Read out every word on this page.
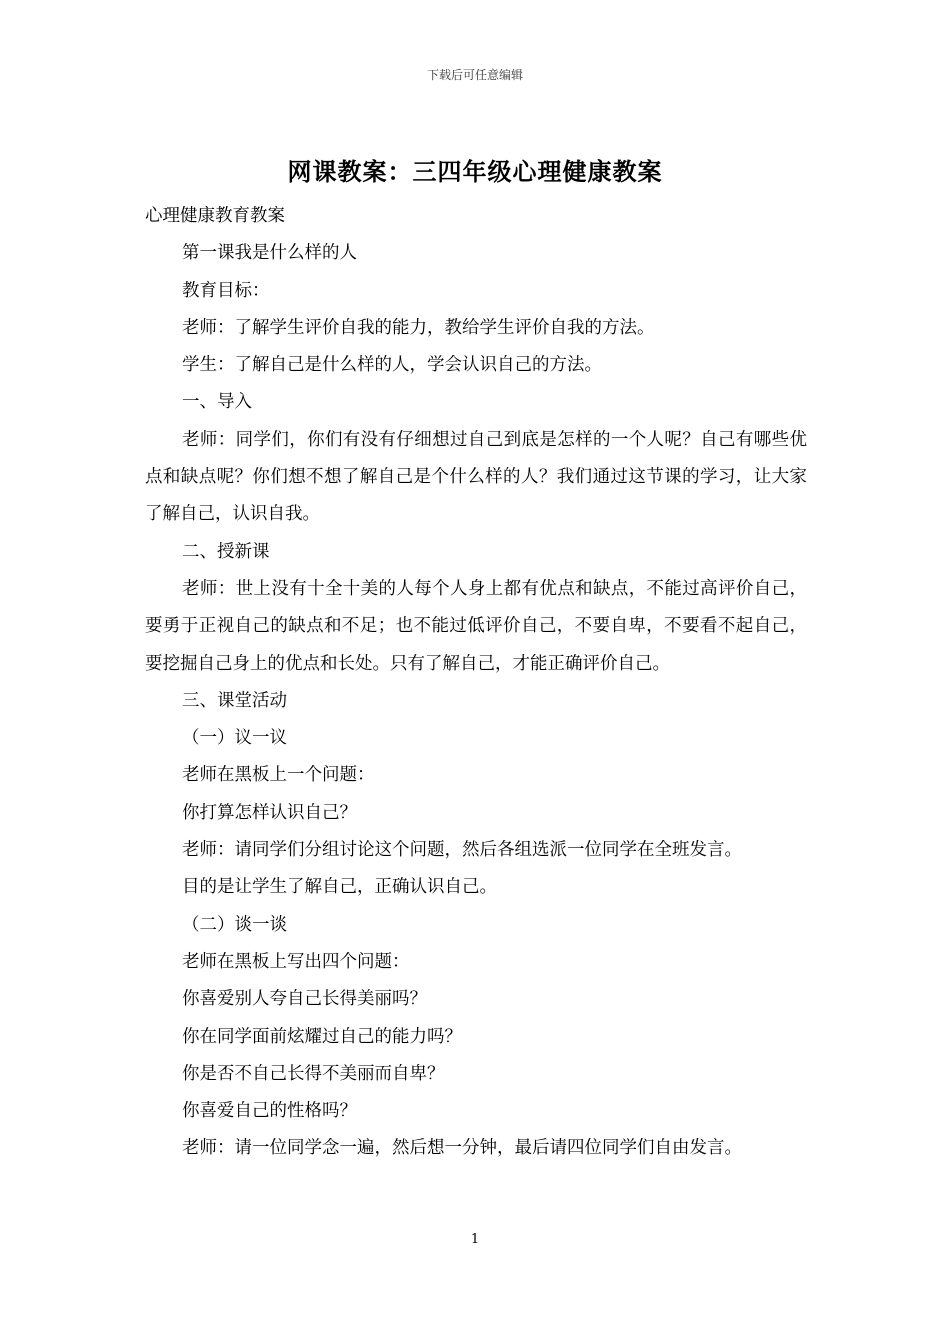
下载后可任意编辑
网课教案：三四年级心理健康教案

心理健康教育教案

第一课我是什么样的人

教育目标：

老师：了解学生评价自我的能力，教给学生评价自我的方法。

学生：了解自己是什么样的人，学会认识自己的方法。

一、导入

老师：同学们，你们有没有仔细想过自己到底是怎样的一个人呢？自己有哪些优点和缺点呢？你们想不想了解自己是个什么样的人？我们通过这节课的学习，让大家了解自己，认识自我。

二、授新课

老师：世上没有十全十美的人每个人身上都有优点和缺点，不能过高评价自己，要勇于正视自己的缺点和不足；也不能过低评价自己，不要自卑，不要看不起自己，要挖掘自己身上的优点和长处。只有了解自己，才能正确评价自己。

三、课堂活动

（一）议一议

老师在黑板上一个问题：

你打算怎样认识自己？

老师：请同学们分组讨论这个问题，然后各组选派一位同学在全班发言。

目的是让学生了解自己，正确认识自己。

（二）谈一谈

老师在黑板上写出四个问题：

你喜爱别人夸自己长得美丽吗？

你在同学面前炫耀过自己的能力吗？

你是否不自己长得不美丽而自卑？

你喜爱自己的性格吗？

老师：请一位同学念一遍，然后想一分钟，最后请四位同学们自由发言。

1
